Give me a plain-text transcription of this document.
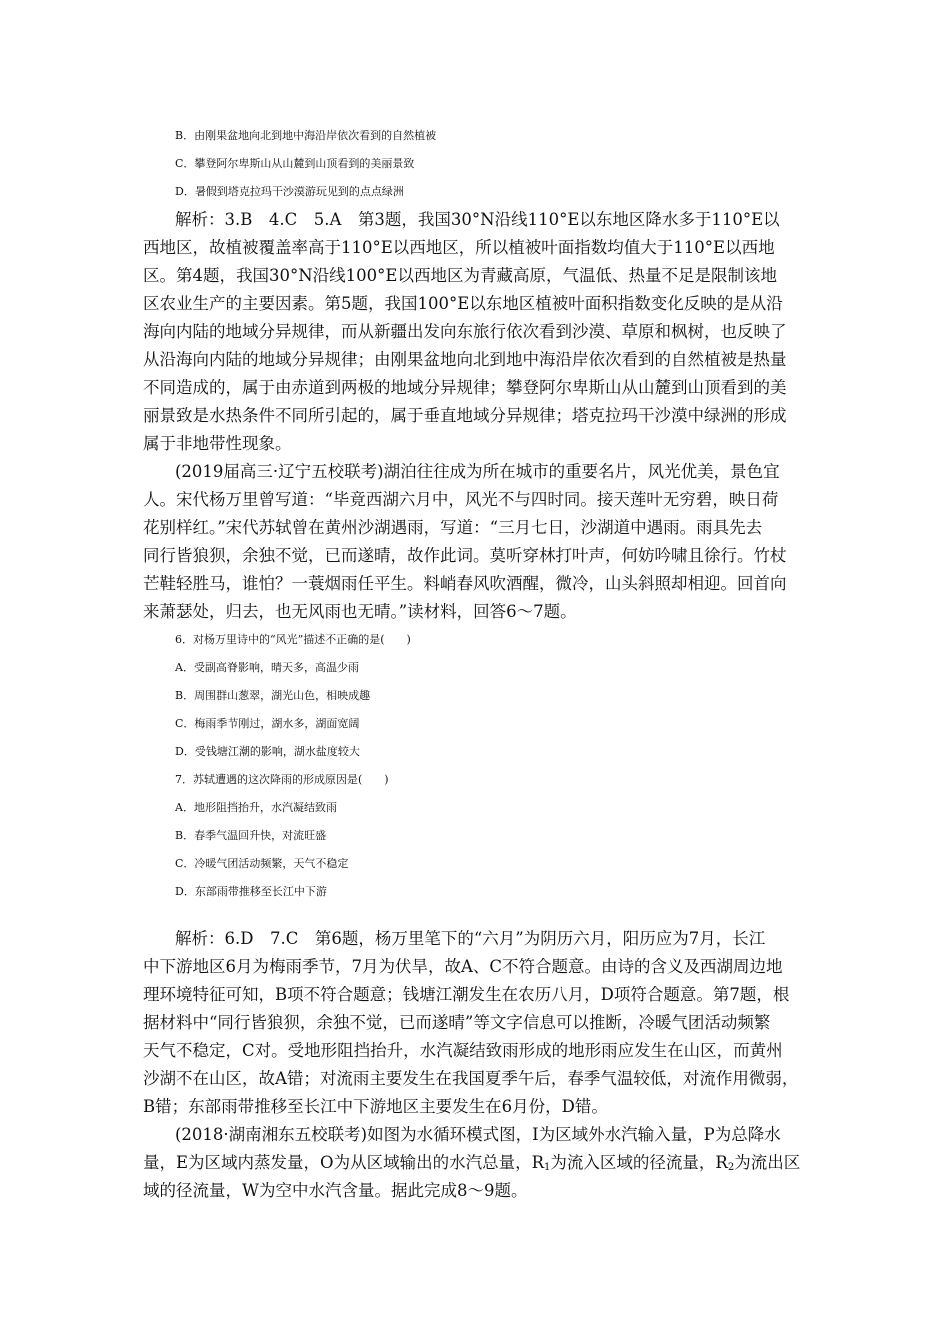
B．由刚果盆地向北到地中海沿岸依次看到的自然植被
C．攀登阿尔卑斯山从山麓到山顶看到的美丽景致
D．暑假到塔克拉玛干沙漠游玩见到的点点绿洲
解析：3.B　4.C　5.A　第3题，我国30°N沿线110°E以东地区降水多于110°E以
西地区，故植被覆盖率高于110°E以西地区，所以植被叶面指数均值大于110°E以西地
区。第4题，我国30°N沿线100°E以西地区为青藏高原，气温低、热量不足是限制该地
区农业生产的主要因素。第5题，我国100°E以东地区植被叶面积指数变化反映的是从沿
海向内陆的地域分异规律，而从新疆出发向东旅行依次看到沙漠、草原和枫树，也反映了
从沿海向内陆的地域分异规律；由刚果盆地向北到地中海沿岸依次看到的自然植被是热量
不同造成的，属于由赤道到两极的地域分异规律；攀登阿尔卑斯山从山麓到山顶看到的美
丽景致是水热条件不同所引起的，属于垂直地域分异规律；塔克拉玛干沙漠中绿洲的形成
属于非地带性现象。
(2019届高三·辽宁五校联考)湖泊往往成为所在城市的重要名片，风光优美，景色宜
人。宋代杨万里曾写道：“毕竟西湖六月中，风光不与四时同。接天莲叶无穷碧，映日荷
花别样红。”宋代苏轼曾在黄州沙湖遇雨，写道：“三月七日，沙湖道中遇雨。雨具先去
同行皆狼狈，余独不觉，已而遂晴，故作此词。莫听穿林打叶声，何妨吟啸且徐行。竹杖
芒鞋轻胜马，谁怕？一蓑烟雨任平生。料峭春风吹酒醒，微冷，山头斜照却相迎。回首向
来萧瑟处，归去，也无风雨也无晴。”读材料，回答6～7题。
6．对杨万里诗中的“风光”描述不正确的是(　　)
A．受副高脊影响，晴天多，高温少雨
B．周围群山葱翠，湖光山色，相映成趣
C．梅雨季节刚过，湖水多，湖面宽阔
D．受钱塘江潮的影响，湖水盐度较大
7．苏轼遭遇的这次降雨的形成原因是(　　)
A．地形阻挡抬升，水汽凝结致雨
B．春季气温回升快，对流旺盛
C．冷暖气团活动频繁，天气不稳定
D．东部雨带推移至长江中下游
解析：6.D　7.C　第6题，杨万里笔下的“六月”为阴历六月，阳历应为7月，长江
中下游地区6月为梅雨季节，7月为伏旱，故A、C不符合题意。由诗的含义及西湖周边地
理环境特征可知，B项不符合题意；钱塘江潮发生在农历八月，D项符合题意。第7题，根
据材料中“同行皆狼狈，余独不觉，已而遂晴”等文字信息可以推断，冷暖气团活动频繁
天气不稳定，C对。受地形阻挡抬升，水汽凝结致雨形成的地形雨应发生在山区，而黄州
沙湖不在山区，故A错；对流雨主要发生在我国夏季午后，春季气温较低，对流作用微弱，
B错；东部雨带推移至长江中下游地区主要发生在6月份，D错。
(2018·湖南湘东五校联考)如图为水循环模式图，I为区域外水汽输入量，P为总降水
量，E为区域内蒸发量，O为从区域输出的水汽总量，$R_1$为流入区域的径流量，$R_2$为流出区
域的径流量，W为空中水汽含量。据此完成8～9题。
